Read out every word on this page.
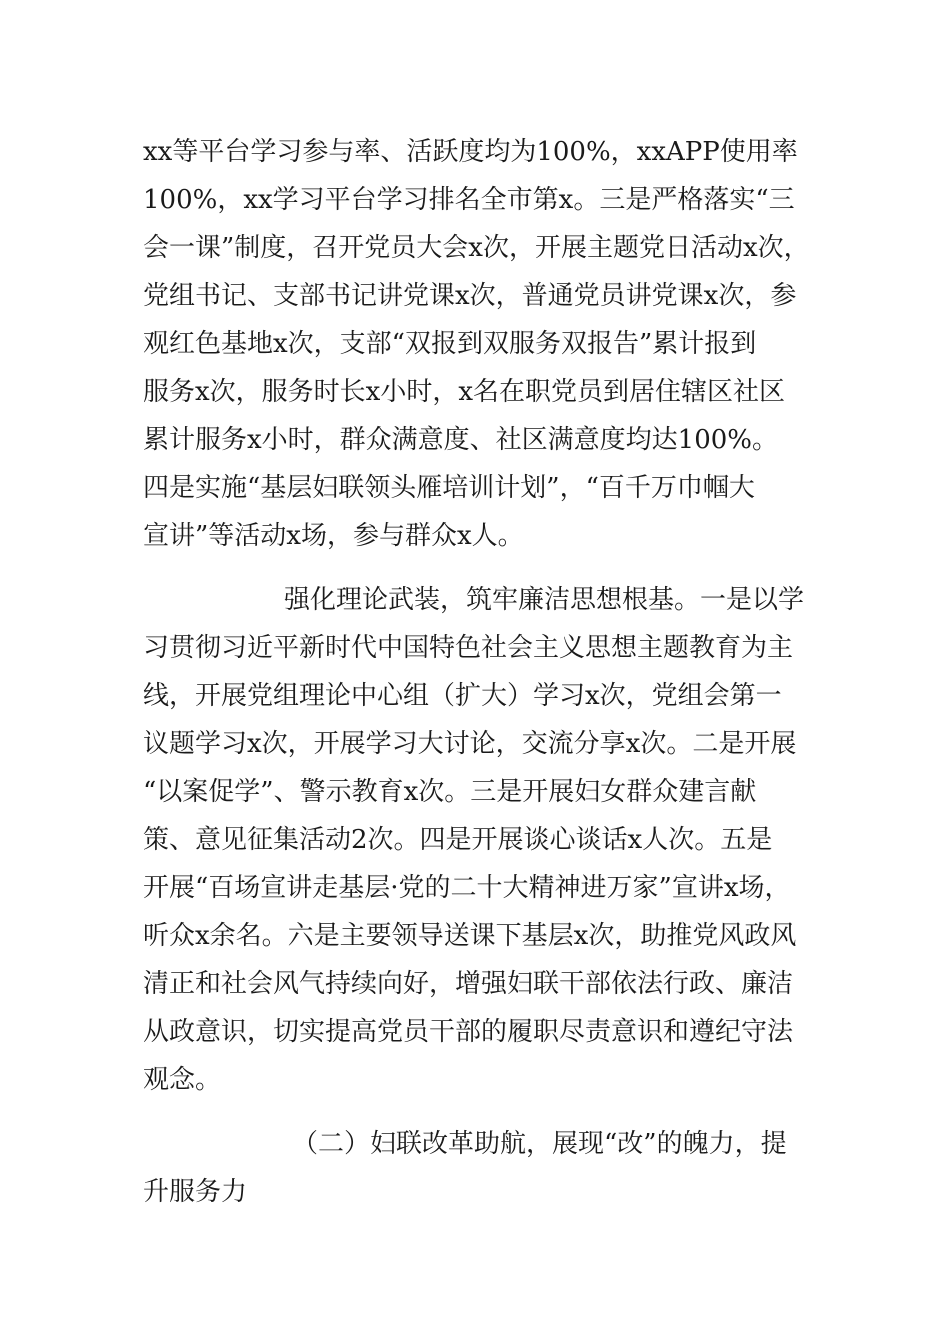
xx等平台学习参与率、活跃度均为100%，xxAPP使用率
100%，xx学习平台学习排名全市第x。三是严格落实“三
会一课”制度，召开党员大会x次，开展主题党日活动x次，
党组书记、支部书记讲党课x次，普通党员讲党课x次，参
观红色基地x次，支部“双报到双服务双报告”累计报到
服务x次，服务时长x小时，x名在职党员到居住辖区社区
累计服务x小时，群众满意度、社区满意度均达100%。
四是实施“基层妇联领头雁培训计划”，“百千万巾帼大
宣讲”等活动x场，参与群众x人。
强化理论武装，筑牢廉洁思想根基。一是以学
习贯彻习近平新时代中国特色社会主义思想主题教育为主
线，开展党组理论中心组（扩大）学习x次，党组会第一
议题学习x次，开展学习大讨论，交流分享x次。二是开展
“以案促学”、警示教育x次。三是开展妇女群众建言献
策、意见征集活动2次。四是开展谈心谈话x人次。五是
开展“百场宣讲走基层·党的二十大精神进万家”宣讲x场，
听众x余名。六是主要领导送课下基层x次，助推党风政风
清正和社会风气持续向好，增强妇联干部依法行政、廉洁
从政意识，切实提高党员干部的履职尽责意识和遵纪守法
观念。
（二）妇联改革助航，展现“改”的魄力，提
升服务力
